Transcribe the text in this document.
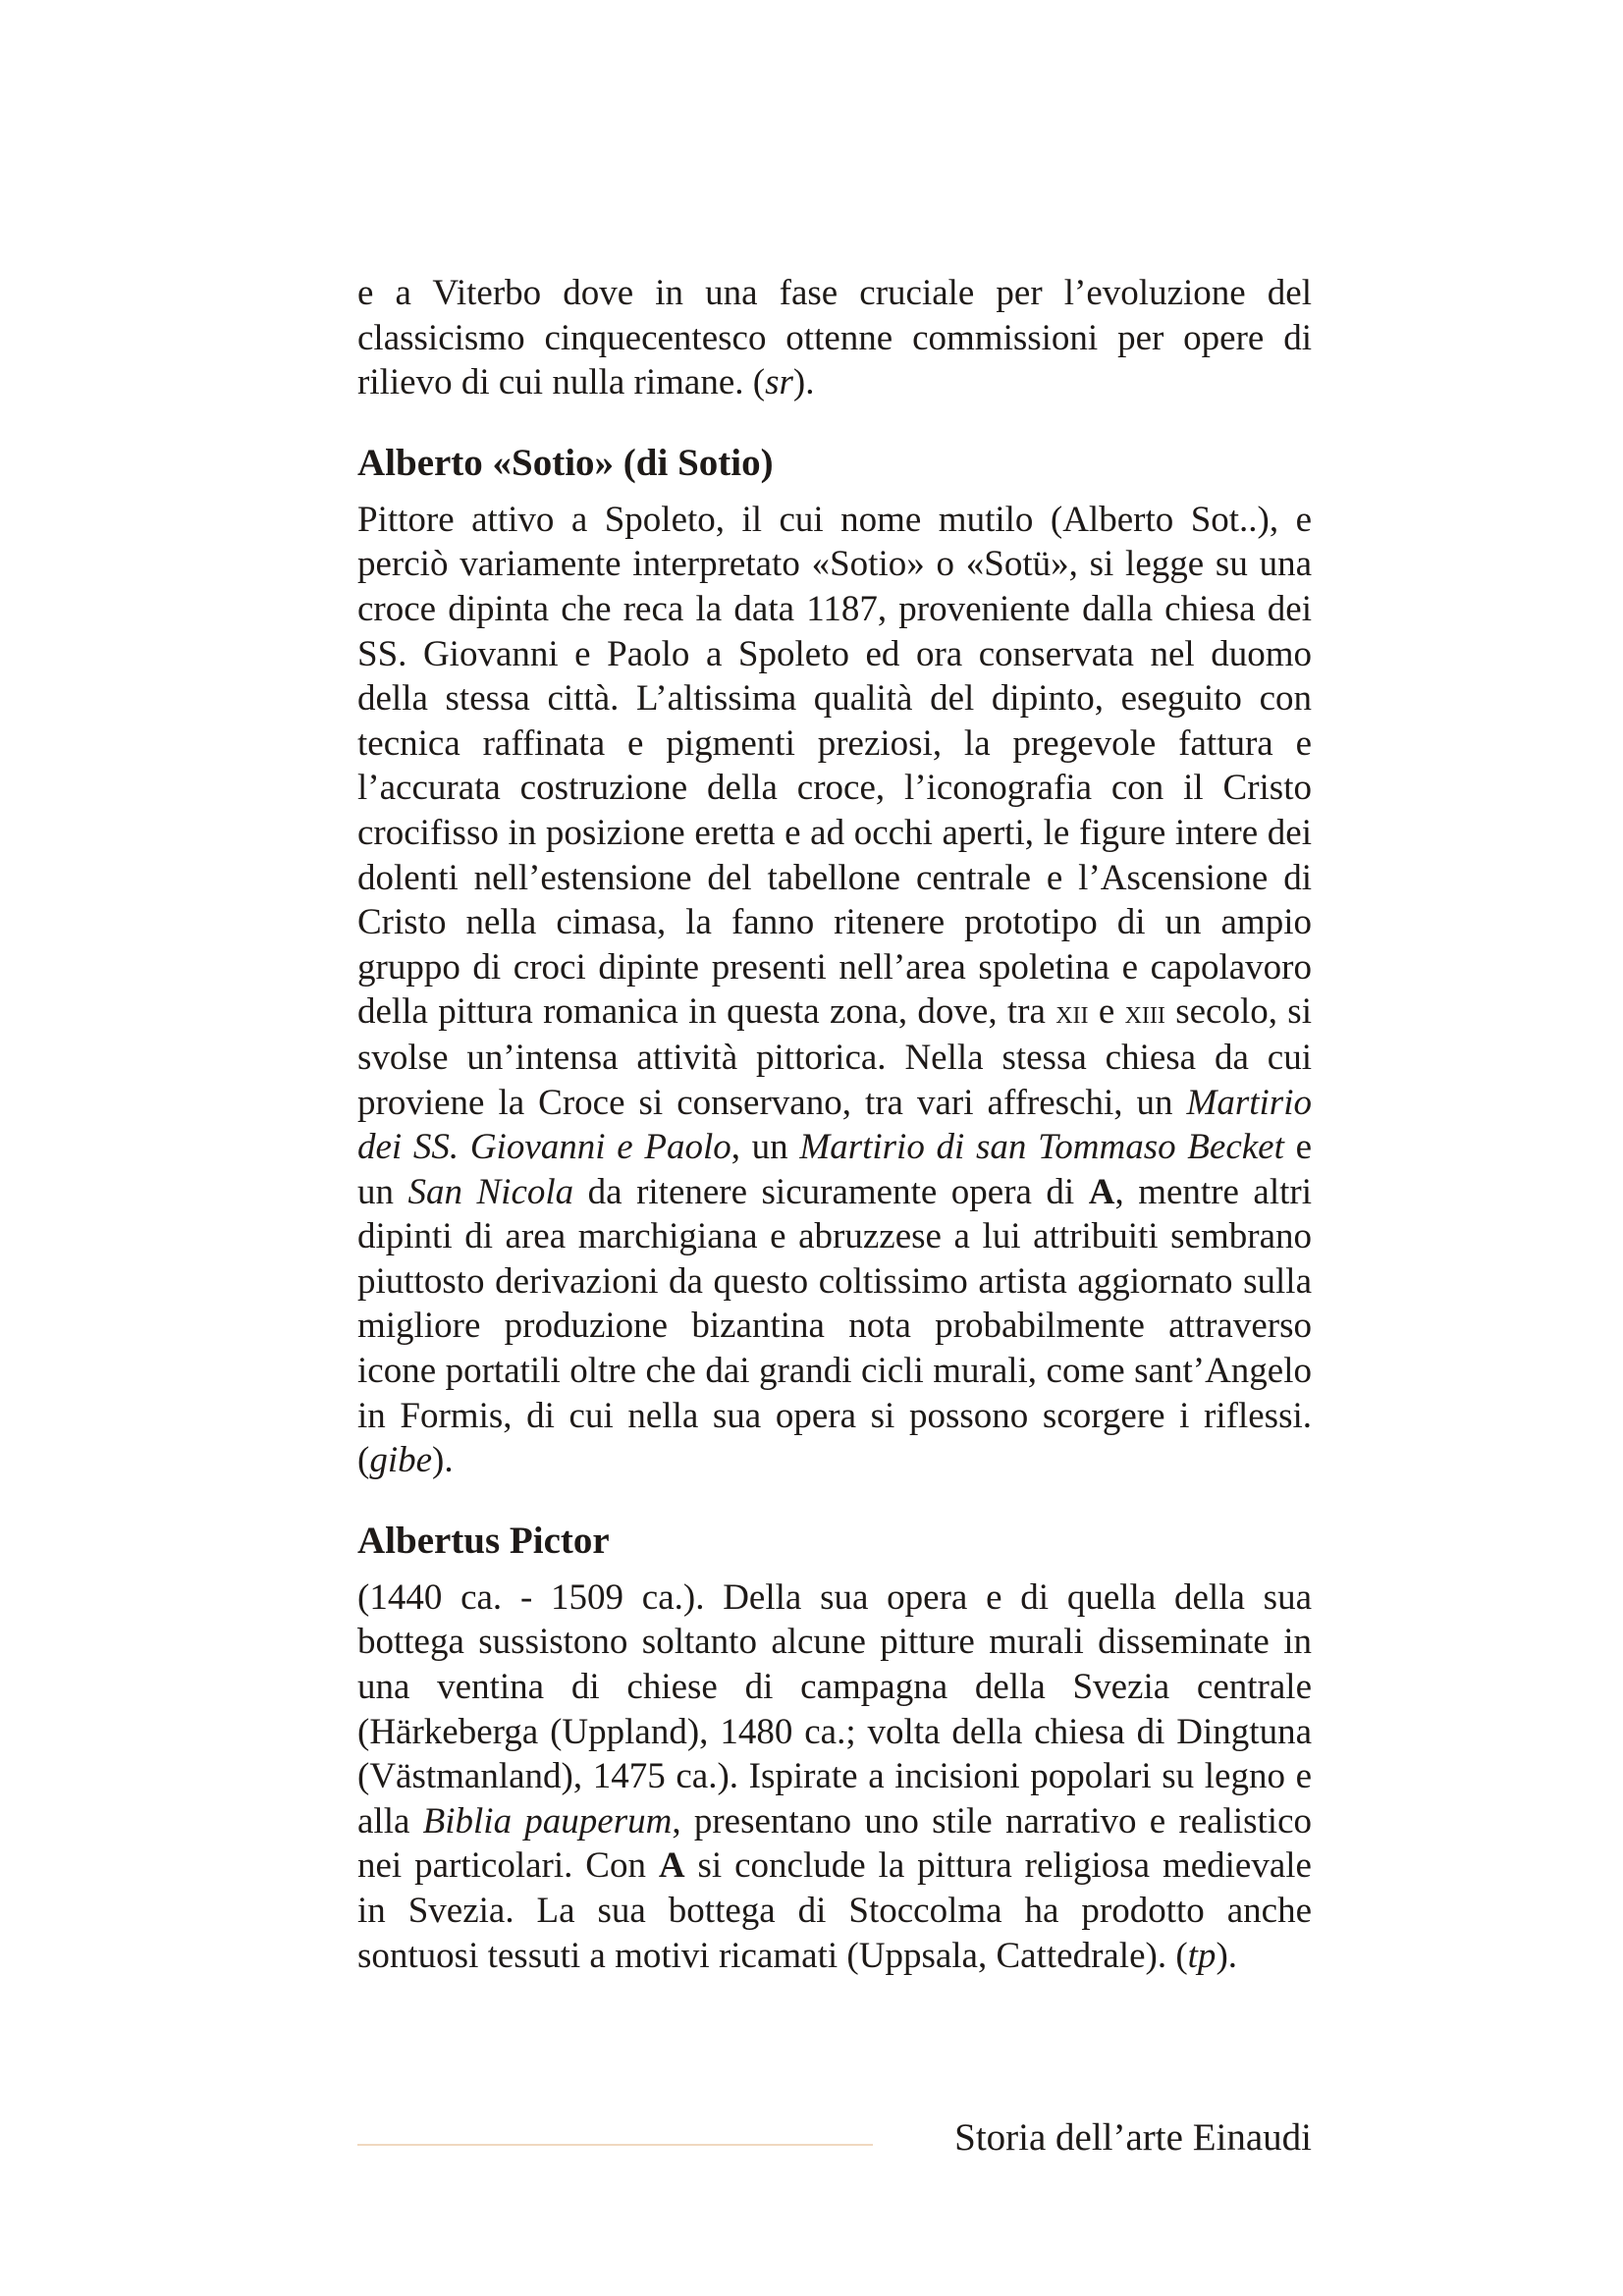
e a Viterbo dove in una fase cruciale per l’evoluzione del classicismo cinquecentesco ottenne commissioni per opere di rilievo di cui nulla rimane. (sr).

Alberto «Sotio» (di Sotio)

Pittore attivo a Spoleto, il cui nome mutilo (Alberto Sot..), e perciò variamente interpretato «Sotio» o «Sotü», si legge su una croce dipinta che reca la data 1187, proveniente dalla chiesa dei SS. Giovanni e Paolo a Spoleto ed ora conservata nel duomo della stessa città. L’altissima qualità del dipinto, eseguito con tecnica raffinata e pigmenti preziosi, la pregevole fattura e l’accurata costruzione della croce, l’iconografia con il Cristo crocifisso in posizione eretta e ad occhi aperti, le figure intere dei dolenti nell’estensione del tabellone centrale e l’Ascensione di Cristo nella cimasa, la fanno ritenere prototipo di un ampio gruppo di croci dipinte presenti nell’area spoletina e capolavoro della pittura romanica in questa zona, dove, tra xii e xiii secolo, si svolse un’intensa attività pittorica. Nella stessa chiesa da cui proviene la Croce si conservano, tra vari affreschi, un Martirio dei SS. Giovanni e Paolo, un Martirio di san Tommaso Becket e un San Nicola da ritenere sicuramente opera di A, mentre altri dipinti di area marchigiana e abruzzese a lui attribuiti sembrano piuttosto derivazioni da questo coltissimo artista aggiornato sulla migliore produzione bizantina nota probabilmente attraverso icone portatili oltre che dai grandi cicli murali, come sant’Angelo in Formis, di cui nella sua opera si possono scorgere i riflessi. (gibe).

Albertus Pictor

(1440 ca. - 1509 ca.). Della sua opera e di quella della sua bottega sussistono soltanto alcune pitture murali disseminate in una ventina di chiese di campagna della Svezia centrale (Härkeberga (Uppland), 1480 ca.; volta della chiesa di Dingtuna (Västmanland), 1475 ca.). Ispirate a incisioni popolari su legno e alla Biblia pauperum, presentano uno stile narrativo e realistico nei particolari. Con A si conclude la pittura religiosa medievale in Svezia. La sua bottega di Stoccolma ha prodotto anche sontuosi tessuti a motivi ricamati (Uppsala, Cattedrale). (tp).

Storia dell’arte Einaudi
